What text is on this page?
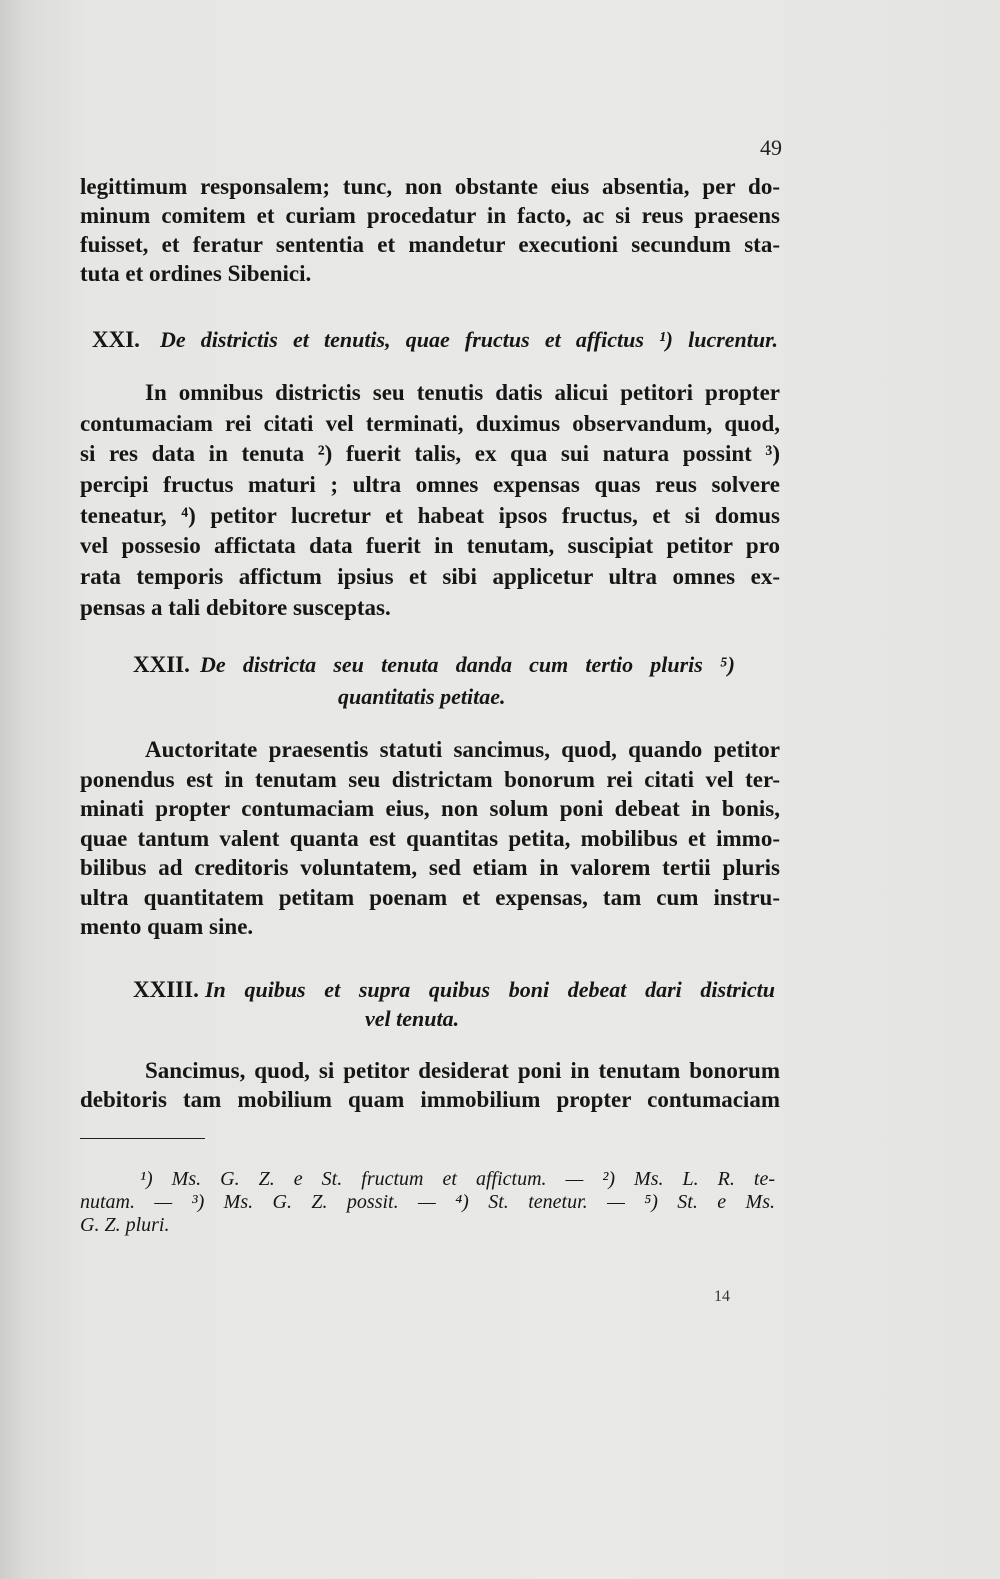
49
legittimum responsalem; tunc, non obstante eius absentia, per do-
minum comitem et curiam procedatur in facto, ac si reus praesens
fuisset, et feratur sententia et mandetur executioni secundum sta-
tuta et ordines Sibenici.
XXI. De districtis et tenutis, quae fructus et affictus ¹) lucrentur.
In omnibus districtis seu tenutis datis alicui petitori propter
contumaciam rei citati vel terminati, duximus observandum, quod,
si res data in tenuta ²) fuerit talis, ex qua sui natura possint ³)
percipi fructus maturi ; ultra omnes expensas quas reus solvere
teneatur, ⁴) petitor lucretur et habeat ipsos fructus, et si domus
vel possesio affictata data fuerit in tenutam, suscipiat petitor pro
rata temporis affictum ipsius et sibi applicetur ultra omnes ex-
pensas a tali debitore susceptas.
XXII. De districta seu tenuta danda cum tertio pluris ⁵)
quantitatis petitae.
Auctoritate praesentis statuti sancimus, quod, quando petitor
ponendus est in tenutam seu districtam bonorum rei citati vel ter-
minati propter contumaciam eius, non solum poni debeat in bonis,
quae tantum valent quanta est quantitas petita, mobilibus et immo-
bilibus ad creditoris voluntatem, sed etiam in valorem tertii pluris
ultra quantitatem petitam poenam et expensas, tam cum instru-
mento quam sine.
XXIII. In quibus et supra quibus boni debeat dari districtu
vel tenuta.
Sancimus, quod, si petitor desiderat poni in tenutam bonorum
debitoris tam mobilium quam immobilium propter contumaciam
¹) Ms. G. Z. e St. fructum et affictum. — ²) Ms. L. R. te-
nutam. — ³) Ms. G. Z. possit. — ⁴) St. tenetur. — ⁵) St. e Ms.
G. Z. pluri.
14
